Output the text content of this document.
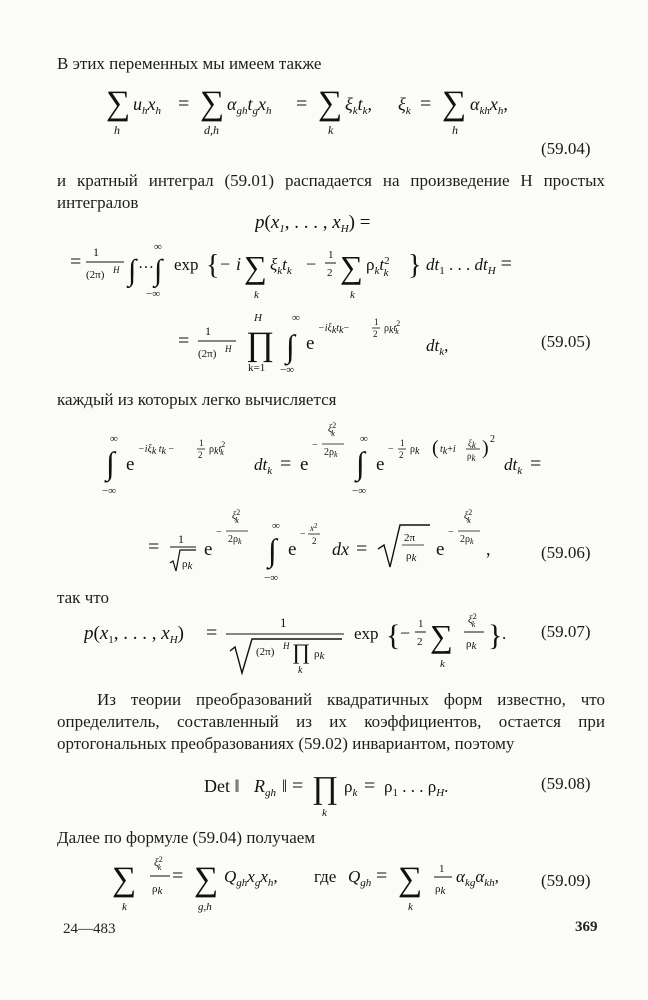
В этих переменных мы имеем также
∑
h
$u_hx_h$ = ∑
d,h
$\alpha_{gh}t_gx_h$ = ∑
k
$\xi_kt_k$, $\xi_k$ = ∑
h
$\alpha_{kh}x_h$,
(59.04)
и кратный интеграл (59.01) распадается на произведение H простых интегралов
$p(x_1$, . . . , $x_H$) =
= 1
(2π) H ∫ … ∫
∞
−∞
exp { − i ∑
k
$\xi_kt_k - 1$
2 ∑
k
$\rho_kt^2$ k } $dt_1$ . . . $dt_H$ =
= 1
(2π) H
H
∏
k=1
∫
∞
−∞
e
−iξktk−
1
2 ρkt$^2$ k
$dt_k$,	(59.05)
каждый из которых легко вычисляется
∫
∞
−∞
e
−iξk tk −
1
2 ρkt$^2$ k
$dt_k = e$
−
$\xi^2$ k
$2\rho_k$ ∫
∞
−∞
e
−
1
2 ρk ( tk+i
ξk
ρk ) 2
$dt_k$ =
= 1
ρk
e
−
$\xi^2$ k
$2\rho_k$ ∫
∞
−∞
e
−
$x^2$
2 dx =	2π
ρk e
−
$\xi^2$ k
$2\rho_k$ ,	(59.06)
так что
$p(x_1$, . . . , $x_H$) =	1
(2π) H ∏
k
ρk
exp { − 1
2 ∑
k
$\xi^2$ k
ρk } . (59.07)
Из теории преобразований квадратичных форм известно, что определитель, составленный из их коэффициентов, остается при ортогональных преобразованиях (59.02) инвариантом, поэтому
Det ‖ $R_{gh}$ ‖ = ∏
k
$\rho_k = \rho_1$ . . . $\rho_H$.	(59.08)
Далее по формуле (59.04) получаем
∑
k
$\xi^2$ k
ρk
= ∑
g,h
$Q_{gh}x_gx_h$, где $Q_{gh}$ = ∑
k
1
ρk
$\alpha_{kg}\alpha_{kh}$, (59.09)
24—483	369
